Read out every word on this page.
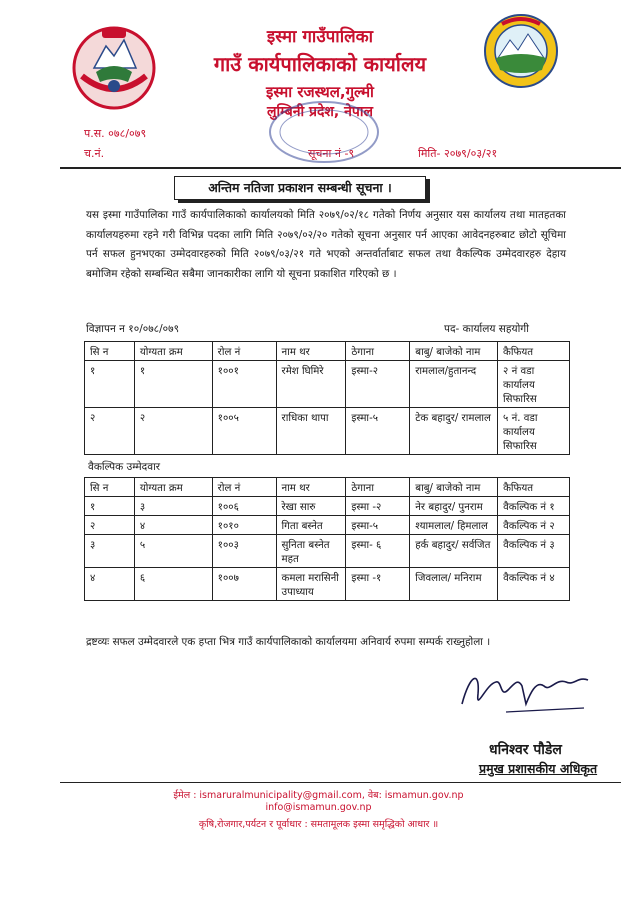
इस्मा गाउँपालिका
गाउँ कार्यपालिकाको कार्यालय
इस्मा रजस्थल,गुल्मी
लुम्बिनी प्रदेश, नेपाल
प.स. ०७८/०७९
च.नं.	सूचना नं -९	मिति- २०७९/०३/२१
अन्तिम नतिजा प्रकाशन सम्बन्धी सूचना ।
यस इस्मा गाउँपालिका गाउँ कार्यपालिकाको कार्यालयको मिति २०७९/०२/१८ गतेको निर्णय अनुसार यस कार्यालय तथा मातहतका कार्यालयहरुमा रहने गरी विभिन्न पदका लागि मिति २०७९/०२/२० गतेको सूचना अनुसार पर्न आएका आवेदनहरुबाट छोटो सूचिमा पर्न सफल हुनभएका उम्मेदवारहरुको मिति २०७९/०३/२१ गते भएको अन्तर्वार्ताबाट सफल तथा वैकल्पिक उम्मेदवारहरु देहाय बमोजिम रहेको सम्बन्धित सबैमा जानकारीका लागि यो सूचना प्रकाशित गरिएको छ ।
विज्ञापन न १०/०७८/०७९	पद- कार्यालय सहयोगी
सि न	योग्यता क्रम	रोल नं	नाम थर	ठेगाना	बाबु/ बाजेको नाम	कैफियत
१	१	१००१	रमेश घिमिरे	इस्मा-२	रामलाल/हुतानन्द	२ नं वडा कार्यालय सिफारिस
२	२	१००५	राधिका थापा	इस्मा-५	टेक बहादुर/ रामलाल	५ नं. वडा कार्यालय सिफारिस
वैकल्पिक उम्मेदवार
सि न	योग्यता क्रम	रोल नं	नाम थर	ठेगाना	बाबु/ बाजेको नाम	कैफियत
१	३	१००६	रेखा सारु	इस्मा -२	नेर बहादुर/ पुनराम	वैकल्पिक नं १
२	४	१०१०	गिता बस्नेत	इस्मा-५	श्यामलाल/ हिमलाल	वैकल्पिक नं २
३	५	१००३	सुनिता बस्नेत महत	इस्मा- ६	हर्क बहादुर/ सर्वजित	वैकल्पिक नं ३
४	६	१००७	कमला मरासिनी उपाध्याय	इस्मा -१	जिवलाल/ मनिराम	वैकल्पिक नं ४
द्रष्टव्यः सफल उम्मेदवारले एक हप्ता भित्र गाउँ कार्यपालिकाको कार्यालयमा अनिवार्य रुपमा सम्पर्क राख्नुहोला ।
धनिश्वर पौडेल
प्रमुख प्रशासकीय अधिकृत
ईमेल : ismaruralmunicipality@gmail.com, वेब: ismamun.gov.np
info@ismamun.gov.np
कृषि,रोजगार,पर्यटन र पूर्वाधार : समतामूलक इस्मा समृद्धिको आधार ॥
